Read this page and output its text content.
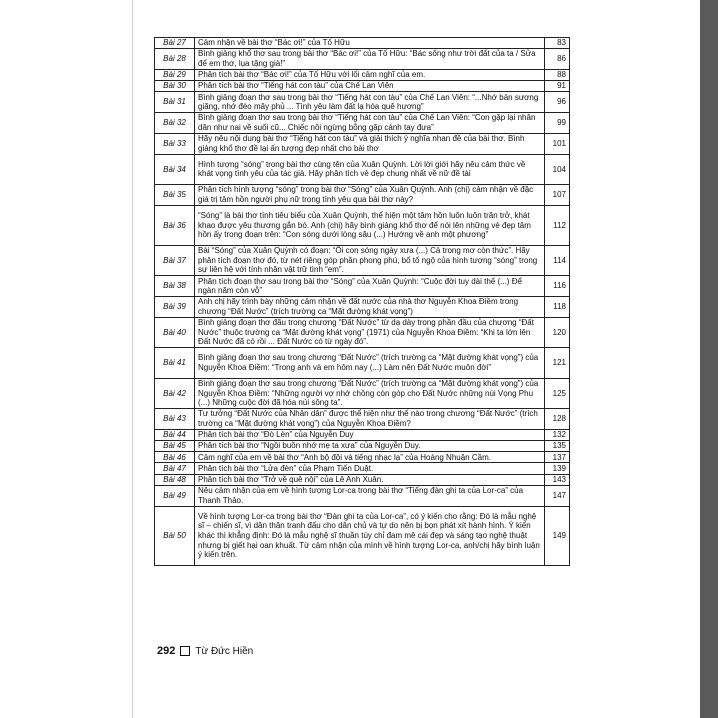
Bài 27	Cảm nhận về bài thơ “Bác ơi!” của Tố Hữu	83
Bài 28	Bình giảng khổ thơ sau trong bài thơ “Bác ơi!” của Tố Hữu: “Bác sống như trời đất của ta / Sửa để em thơ, lụa tặng già!”	86
Bài 29	Phân tích bài thơ “Bác ơi!” của Tố Hữu với lối cảm nghĩ của em.	88
Bài 30	Phân tích bài thơ “Tiếng hát con tàu” của Chế Lan Viên	91
Bài 31	Bình giảng đoạn thơ sau trong bài thơ “Tiếng hát con tàu” của Chế Lan Viên: “...Nhớ bản sương giăng, nhớ đèo mây phủ ... Tình yêu làm đất lạ hóa quê hương”	96
Bài 32	Bình giảng đoạn thơ sau trong bài thơ “Tiếng hát con tàu” của Chế Lan Viên: “Con gặp lại nhân dân như nai về suối cũ... Chiếc nôi ngừng bỗng gặp cánh tay đưa”	99
Bài 33	Hãy nêu nội dung bài thơ “Tiếng hát con tàu” và giải thích ý nghĩa nhan đề của bài thơ. Bình giảng khổ thơ đề lại ấn tượng đẹp nhất cho bài thơ	101
Bài 34	Hình tượng “sóng” trong bài thơ cùng tên của Xuân Quỳnh. Lời lời giới hãy nêu cảm thức về khát vọng tình yêu của tác giả. Hãy phân tích vẻ đẹp chung nhất về nữ đề tài	104
Bài 35	Phân tích hình tượng “sóng” trong bài thơ “Sóng” của Xuân Quỳnh. Anh (chị) cảm nhận về đặc giá trị tâm hồn người phụ nữ trong tình yêu qua bài thơ này?	107
Bài 36	“Sóng” là bài thơ tình tiêu biểu của Xuân Quỳnh, thể hiện một tâm hồn luôn luôn trăn trở, khát khao được yêu thương gắn bó. Anh (chị) hãy bình giảng khổ thơ để nói lên những vẻ đẹp tâm hồn ấy trong đoạn trên: “Con sóng dưới lòng sâu (...) Hướng về anh một phương”	112
Bài 37	Bài “Sóng” của Xuân Quỳnh có đoạn: “Ôi con sóng ngày xưa (...) Cả trong mơ còn thức”. Hãy phân tích đoạn thơ đó, từ nét riêng góp phần phong phú, bổ tố ngộ của hình tượng “sóng” trong sự liên hệ với tính nhân vật trữ tình “em”.	114
Bài 38	Phân tích đoạn thơ sau trong bài thơ “Sóng” của Xuân Quỳnh: “Cuộc đời tuy dài thế (...) Để ngàn năm còn vỗ”	116
Bài 39	Anh chị hãy trình bày những cảm nhận về đất nước của nhà thơ Nguyễn Khoa Điềm trong chương “Đất Nước” (trích trường ca “Mặt đường khát vọng”)	118
Bài 40	Bình giảng đoạn thơ đầu trong chương “Đất Nước” từ dạ dày trong phần đầu của chương “Đất Nước” thuộc trường ca “Mặt đường khát vọng” (1971) của Nguyễn Khoa Điềm: “Khi ta lớn lên Đất Nước đã có rồi ... Đất Nước có từ ngày đó”.	120
Bài 41	Bình giảng đoạn thơ sau trong chương “Đất Nước” (trích trường ca “Mặt đường khát vọng”) của Nguyễn Khoa Điềm: “Trong anh và em hôm nay (...) Làm nên Đất Nước muôn đời”	121
Bài 42	Bình giảng đoạn thơ sau trong chương “Đất Nước” (trích trường ca “Mặt đường khát vọng”) của Nguyễn Khoa Điềm: “Những người vợ nhớ chồng còn góp cho Đất Nước những núi Vọng Phu (...) Những cuộc đời đã hóa núi sông ta”.	125
Bài 43	Tư tưởng “Đất Nước của Nhân dân” được thể hiện như thế nào trong chương “Đất Nước” (trích trường ca “Mặt đường khát vọng”) của Nguyễn Khoa Điềm?	128
Bài 44	Phân tích bài thơ “Đò Lèn” của Nguyễn Duy	132
Bài 45	Phân tích bài thơ “Ngồi buồn nhớ mẹ ta xưa” của Nguyễn Duy.	135
Bài 46	Cảm nghĩ của em về bài thơ “Anh bộ đội và tiếng nhạc lạ” của Hoàng Nhuận Cầm.	137
Bài 47	Phân tích bài thơ “Lửa đèn” của Phạm Tiến Duật.	139
Bài 48	Phân tích bài thơ “Trở về quê nội” của Lê Anh Xuân.	143
Bài 49	Nêu cảm nhận của em về hình tượng Lor-ca trong bài thơ “Tiếng đàn ghi ta của Lor-ca” của Thanh Thảo.	147
Bài 50	Về hình tượng Lor-ca trong bài thơ “Đàn ghi ta của Lor-ca”, có ý kiến cho rằng: Đó là mẫu nghệ sĩ – chiến sĩ, vì dân thân tranh đấu cho dân chủ và tự do nên bị bọn phát xít hành hình. Ý kiến khác thì khẳng định: Đó là mẫu nghệ sĩ thuần túy chỉ đam mê cái đẹp và sáng tạo nghệ thuật nhưng bị giết hại oan khuất. Từ cảm nhận của mình về hình tượng Lor-ca, anh/chị hãy bình luận ý kiến trên.	149
292 Từ Đức Hiền
